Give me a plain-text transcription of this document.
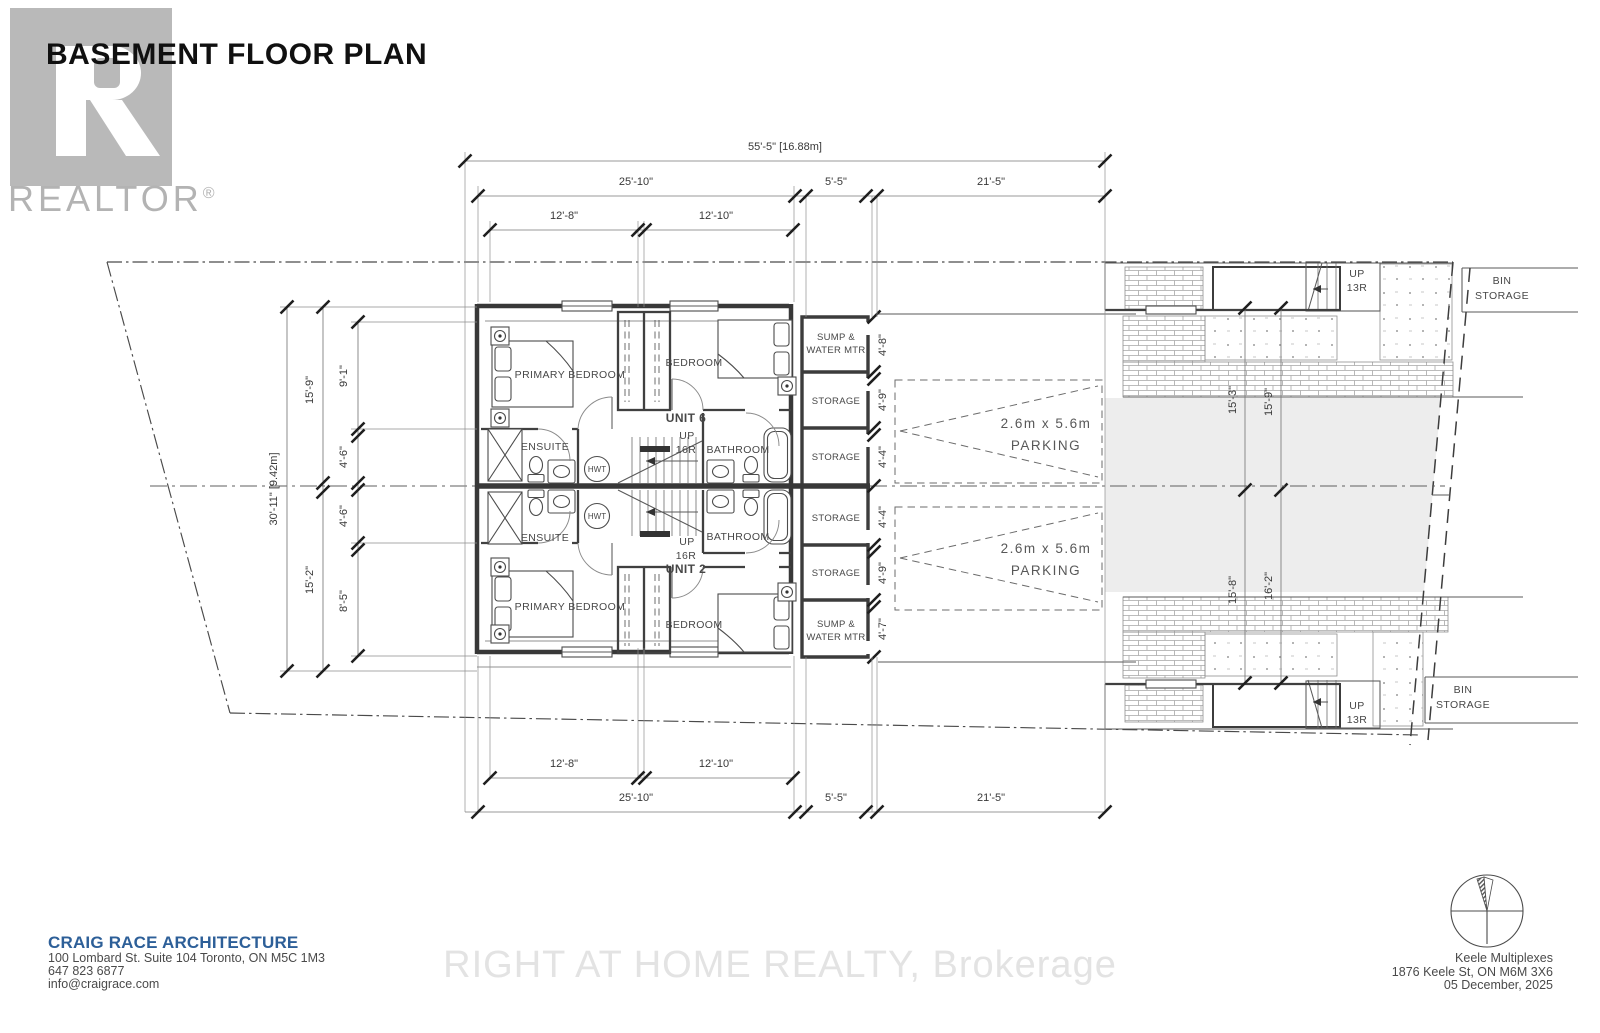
REALTOR®
BASEMENT FLOOR PLAN
RIGHT AT HOME REALTY, Brokerage
CRAIG RACE ARCHITECTURE
100 Lombard St. Suite 104 Toronto, ON M5C 1M3
647 823 6877
info@craigrace.com
Keele Multiplexes
1876 Keele St, ON M6M 3X6
05 December, 2025
UP
13R
UP
13R
BIN
STORAGE
BIN
STORAGE
15'-3" 15'-9"
15'-8" 16'-2"
2.6m x 5.6m
PARKING
2.6m x 5.6m
PARKING
SUMP &
WATER MTR
STORAGE
STORAGE
STORAGE
STORAGE
SUMP &
WATER MTR
4'-8"
4'-9"
4'-4"
4'-4"
4'-9"
4'-7"
HWT
PRIMARY BEDROOM
BEDROOM
ENSUITE	BATHROOM
UNIT 6
UP
16R
HWT
PRIMARY BEDROOM
BEDROOM
ENSUITE	BATHROOM
UNIT 2
UP
16R
55'-5" [16.88m]
25'-10"	5'-5"	21'-5"
12'-8"	12'-10"
12'-8"	12'-10"
25'-10"	5'-5"	21'-5"
30'-11" [9.42m]
15'-9"
15'-2"
9'-1"
4'-6"
4'-6"
8'-5"
